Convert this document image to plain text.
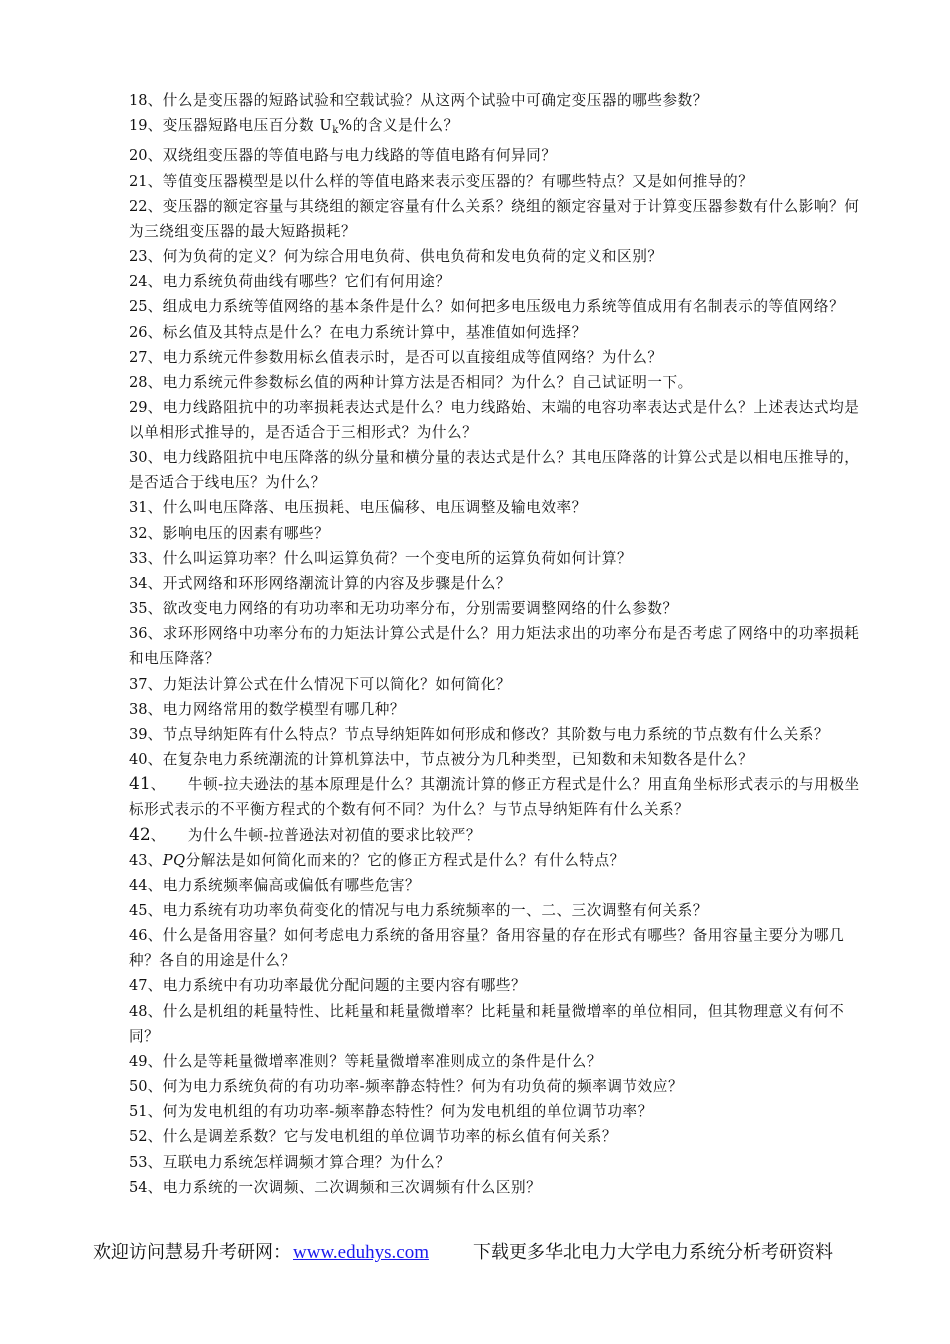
18、什么是变压器的短路试验和空载试验？从这两个试验中可确定变压器的哪些参数？
19、变压器短路电压百分数 $U_k\%$的含义是什么？
20、双绕组变压器的等值电路与电力线路的等值电路有何异同？
21、等值变压器模型是以什么样的等值电路来表示变压器的？有哪些特点？又是如何推导的？
22、变压器的额定容量与其绕组的额定容量有什么关系？绕组的额定容量对于计算变压器参数有什么影响？何为三绕组变压器的最大短路损耗？
23、何为负荷的定义？何为综合用电负荷、供电负荷和发电负荷的定义和区别？
24、电力系统负荷曲线有哪些？它们有何用途？
25、组成电力系统等值网络的基本条件是什么？如何把多电压级电力系统等值成用有名制表示的等值网络？
26、标幺值及其特点是什么？在电力系统计算中，基准值如何选择？
27、电力系统元件参数用标幺值表示时，是否可以直接组成等值网络？为什么？
28、电力系统元件参数标幺值的两种计算方法是否相同？为什么？自己试证明一下。
29、电力线路阻抗中的功率损耗表达式是什么？电力线路始、末端的电容功率表达式是什么？上述表达式均是以单相形式推导的，是否适合于三相形式？为什么？
30、电力线路阻抗中电压降落的纵分量和横分量的表达式是什么？其电压降落的计算公式是以相电压推导的，是否适合于线电压？为什么？
31、什么叫电压降落、电压损耗、电压偏移、电压调整及输电效率？
32、影响电压的因素有哪些？
33、什么叫运算功率？什么叫运算负荷？一个变电所的运算负荷如何计算？
34、开式网络和环形网络潮流计算的内容及步骤是什么？
35、欲改变电力网络的有功功率和无功功率分布，分别需要调整网络的什么参数？
36、求环形网络中功率分布的力矩法计算公式是什么？用力矩法求出的功率分布是否考虑了网络中的功率损耗和电压降落？
37、力矩法计算公式在什么情况下可以简化？如何简化？
38、电力网络常用的数学模型有哪几种？
39、节点导纳矩阵有什么特点？节点导纳矩阵如何形成和修改？其阶数与电力系统的节点数有什么关系？
40、在复杂电力系统潮流的计算机算法中，节点被分为几种类型，已知数和未知数各是什么？
41、 牛顿-拉夫逊法的基本原理是什么？其潮流计算的修正方程式是什么？用直角坐标形式表示的与用极坐标形式表示的不平衡方程式的个数有何不同？为什么？与节点导纳矩阵有什么关系？
42、 为什么牛顿-拉普逊法对初值的要求比较严？
43、PQ分解法是如何简化而来的？它的修正方程式是什么？有什么特点？
44、电力系统频率偏高或偏低有哪些危害？
45、电力系统有功功率负荷变化的情况与电力系统频率的一、二、三次调整有何关系？
46、什么是备用容量？如何考虑电力系统的备用容量？备用容量的存在形式有哪些？备用容量主要分为哪几种？各自的用途是什么？
47、电力系统中有功功率最优分配问题的主要内容有哪些？
48、什么是机组的耗量特性、比耗量和耗量微增率？比耗量和耗量微增率的单位相同，但其物理意义有何不同？
49、什么是等耗量微增率准则？等耗量微增率准则成立的条件是什么？
50、何为电力系统负荷的有功功率-频率静态特性？何为有功负荷的频率调节效应？
51、何为发电机组的有功功率-频率静态特性？何为发电机组的单位调节功率？
52、什么是调差系数？它与发电机组的单位调节功率的标幺值有何关系？
53、互联电力系统怎样调频才算合理？为什么？
54、电力系统的一次调频、二次调频和三次调频有什么区别？
欢迎访问慧易升考研网： www.eduhys.com 下载更多华北电力大学电力系统分析考研资料
